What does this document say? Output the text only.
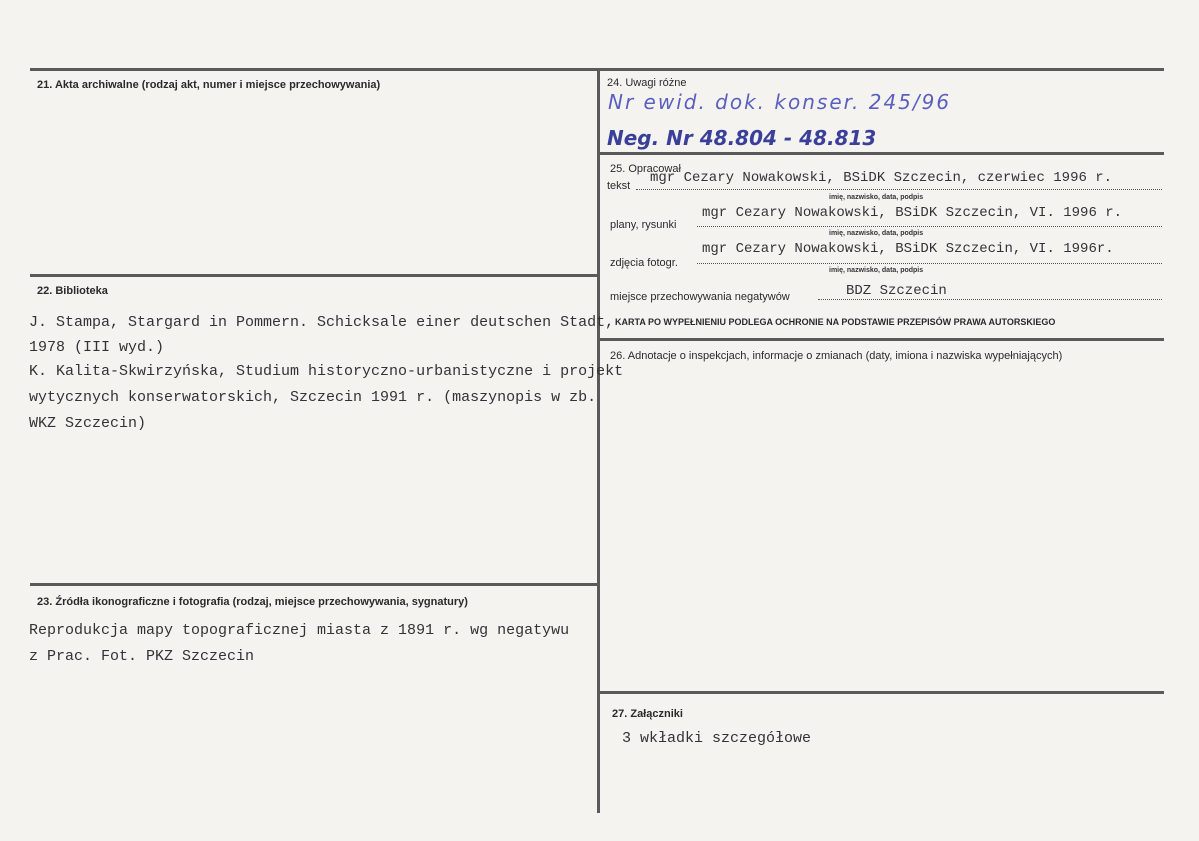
21. Akta archiwalne (rodzaj akt, numer i miejsce przechowywania)
22. Biblioteka
J. Stampa, Stargard in Pommern. Schicksale einer deutschen Stadt,
1978 (III wyd.)
K. Kalita-Skwirzyńska, Studium historyczno-urbanistyczne i projekt
wytycznych konserwatorskich, Szczecin 1991 r. (maszynopis w zb.
WKZ Szczecin)
23. Źródła ikonograficzne i fotografia (rodzaj, miejsce przechowywania, sygnatury)
Reprodukcja mapy topograficznej miasta z 1891 r. wg negatywu
z Prac. Fot. PKZ Szczecin
24. Uwagi różne
Nr ewid. dok. konser. 245/96
Neg. Nr 48.804 - 48.813
25. Opracował
tekst mgr Cezary Nowakowski, BSiDK Szczecin, czerwiec 1996 r.
imię, nazwisko, data, podpis
plany, rysunki
mgr Cezary Nowakowski, BSiDK Szczecin, VI. 1996 r.
imię, nazwisko, data, podpis
zdjęcia fotogr.
mgr Cezary Nowakowski, BSiDK Szczecin, VI. 1996r.
imię, nazwisko, data, podpis
miejsce przechowywania negatywów	BDZ Szczecin
KARTA PO WYPEŁNIENIU PODLEGA OCHRONIE NA PODSTAWIE PRZEPISÓW PRAWA AUTORSKIEGO
26. Adnotacje o inspekcjach, informacje o zmianach (daty, imiona i nazwiska wypełniających)
27. Załączniki
3 wkładki szczegółowe
